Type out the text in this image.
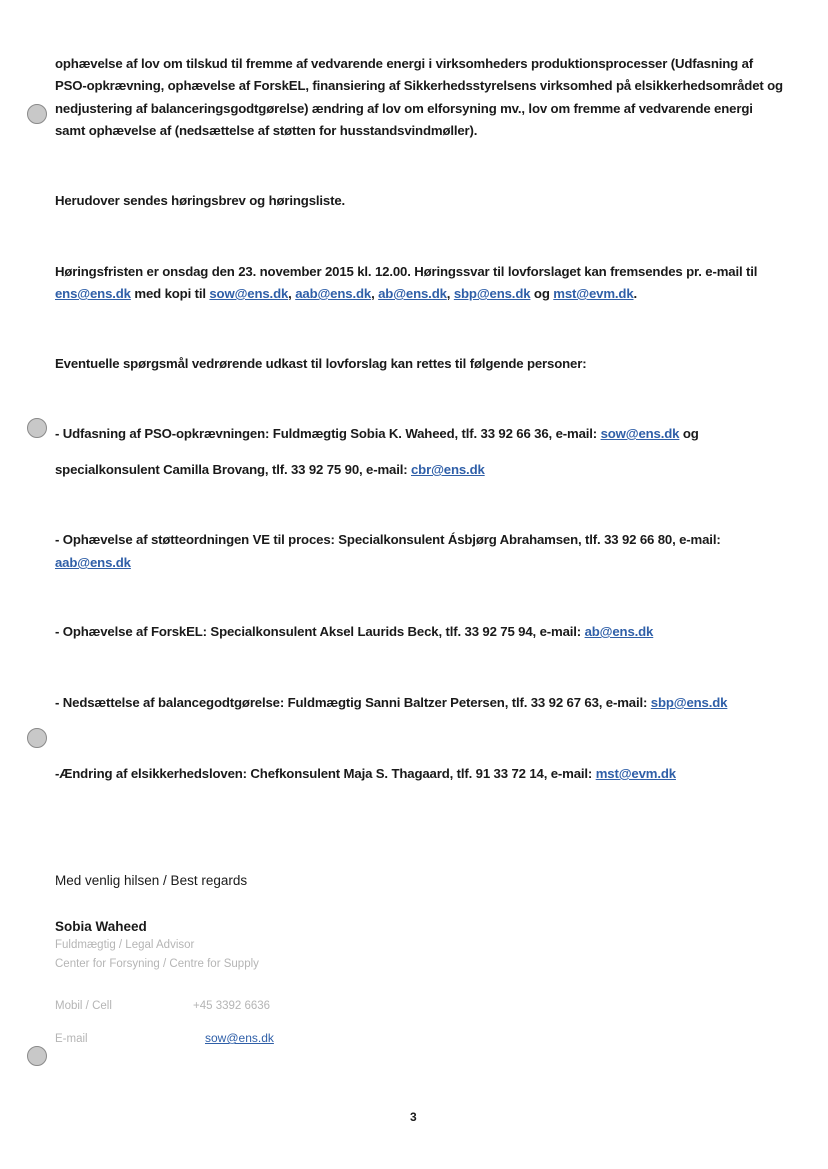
ophævelse af lov om tilskud til fremme af vedvarende energi i virksomheders produktionsprocesser (Udfasning af
PSO-opkrævning, ophævelse af ForskEL, finansiering af Sikkerhedsstyrelsens virksomhed på elsikkerhedsområdet og
nedjustering af balanceringsgodtgørelse) ændring af lov om elforsyning mv., lov om fremme af vedvarende energi
samt ophævelse af (nedsættelse af støtten for husstandsvindmøller).
Herudover sendes høringsbrev og høringsliste.
Høringsfristen er onsdag den 23. november 2015 kl. 12.00. Høringssvar til lovforslaget kan fremsendes pr. e-mail til
ens@ens.dk med kopi til sow@ens.dk, aab@ens.dk, ab@ens.dk, sbp@ens.dk og mst@evm.dk.
Eventuelle spørgsmål vedrørende udkast til lovforslag kan rettes til følgende personer:
- Udfasning af PSO-opkrævningen: Fuldmægtig Sobia K. Waheed, tlf. 33 92 66 36, e-mail: sow@ens.dk og
specialkonsulent Camilla Brovang, tlf. 33 92 75 90, e-mail: cbr@ens.dk
- Ophævelse af støtteordningen VE til proces: Specialkonsulent Ásbjørg Abrahamsen, tlf. 33 92 66 80, e-mail:
aab@ens.dk
- Ophævelse af ForskEL: Specialkonsulent Aksel Laurids Beck, tlf. 33 92 75 94, e-mail: ab@ens.dk
- Nedsættelse af balancegodtgørelse: Fuldmægtig Sanni Baltzer Petersen, tlf. 33 92 67 63, e-mail: sbp@ens.dk
-Ændring af elsikkerhedsloven: Chefkonsulent Maja S. Thagaard, tlf. 91 33 72 14, e-mail: mst@evm.dk
Med venlig hilsen / Best regards
Sobia Waheed
Fuldmægtig / Legal Advisor
Center for Forsyning / Centre for Supply
Mobil / Cell	+45 3392 6636
E-mail	sow@ens.dk
3
